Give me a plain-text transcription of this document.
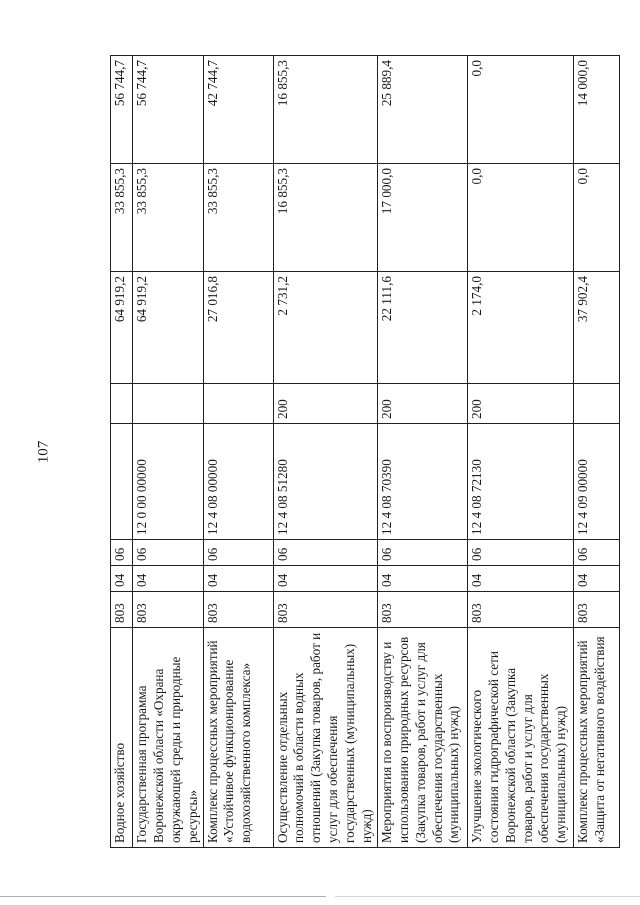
107
Водное хозяйство	803	04	06			64 919,2	33 855,3	56 744,7
Государственная программа Воронежской области «Охрана окружающей среды и природные ресурсы»	803	04	06	12 0 00 00000		64 919,2	33 855,3	56 744,7
Комплекс процессных мероприятий «Устойчивое функционирование водохозяйственного комплекса»	803	04	06	12 4 08 00000		27 016,8	33 855,3	42 744,7
Осуществление отдельных полномочий в области водных отношений (Закупка товаров, работ и услуг для обеспечения государственных (муниципальных) нужд)	803	04	06	12 4 08 51280	200	2 731,2	16 855,3	16 855,3
Мероприятия по воспроизводству и использованию природных ресурсов (Закупка товаров, работ и услуг для обеспечения государственных (муниципальных) нужд)	803	04	06	12 4 08 70390	200	22 111,6	17 000,0	25 889,4
Улучшение экологического состояния гидрографической сети Воронежской области (Закупка товаров, работ и услуг для обеспечения государственных (муниципальных) нужд)	803	04	06	12 4 08 72130	200	2 174,0	0,0	0,0
Комплекс процессных мероприятий «Защита от негативного воздействия	803	04	06	12 4 09 00000		37 902,4	0,0	14 000,0
